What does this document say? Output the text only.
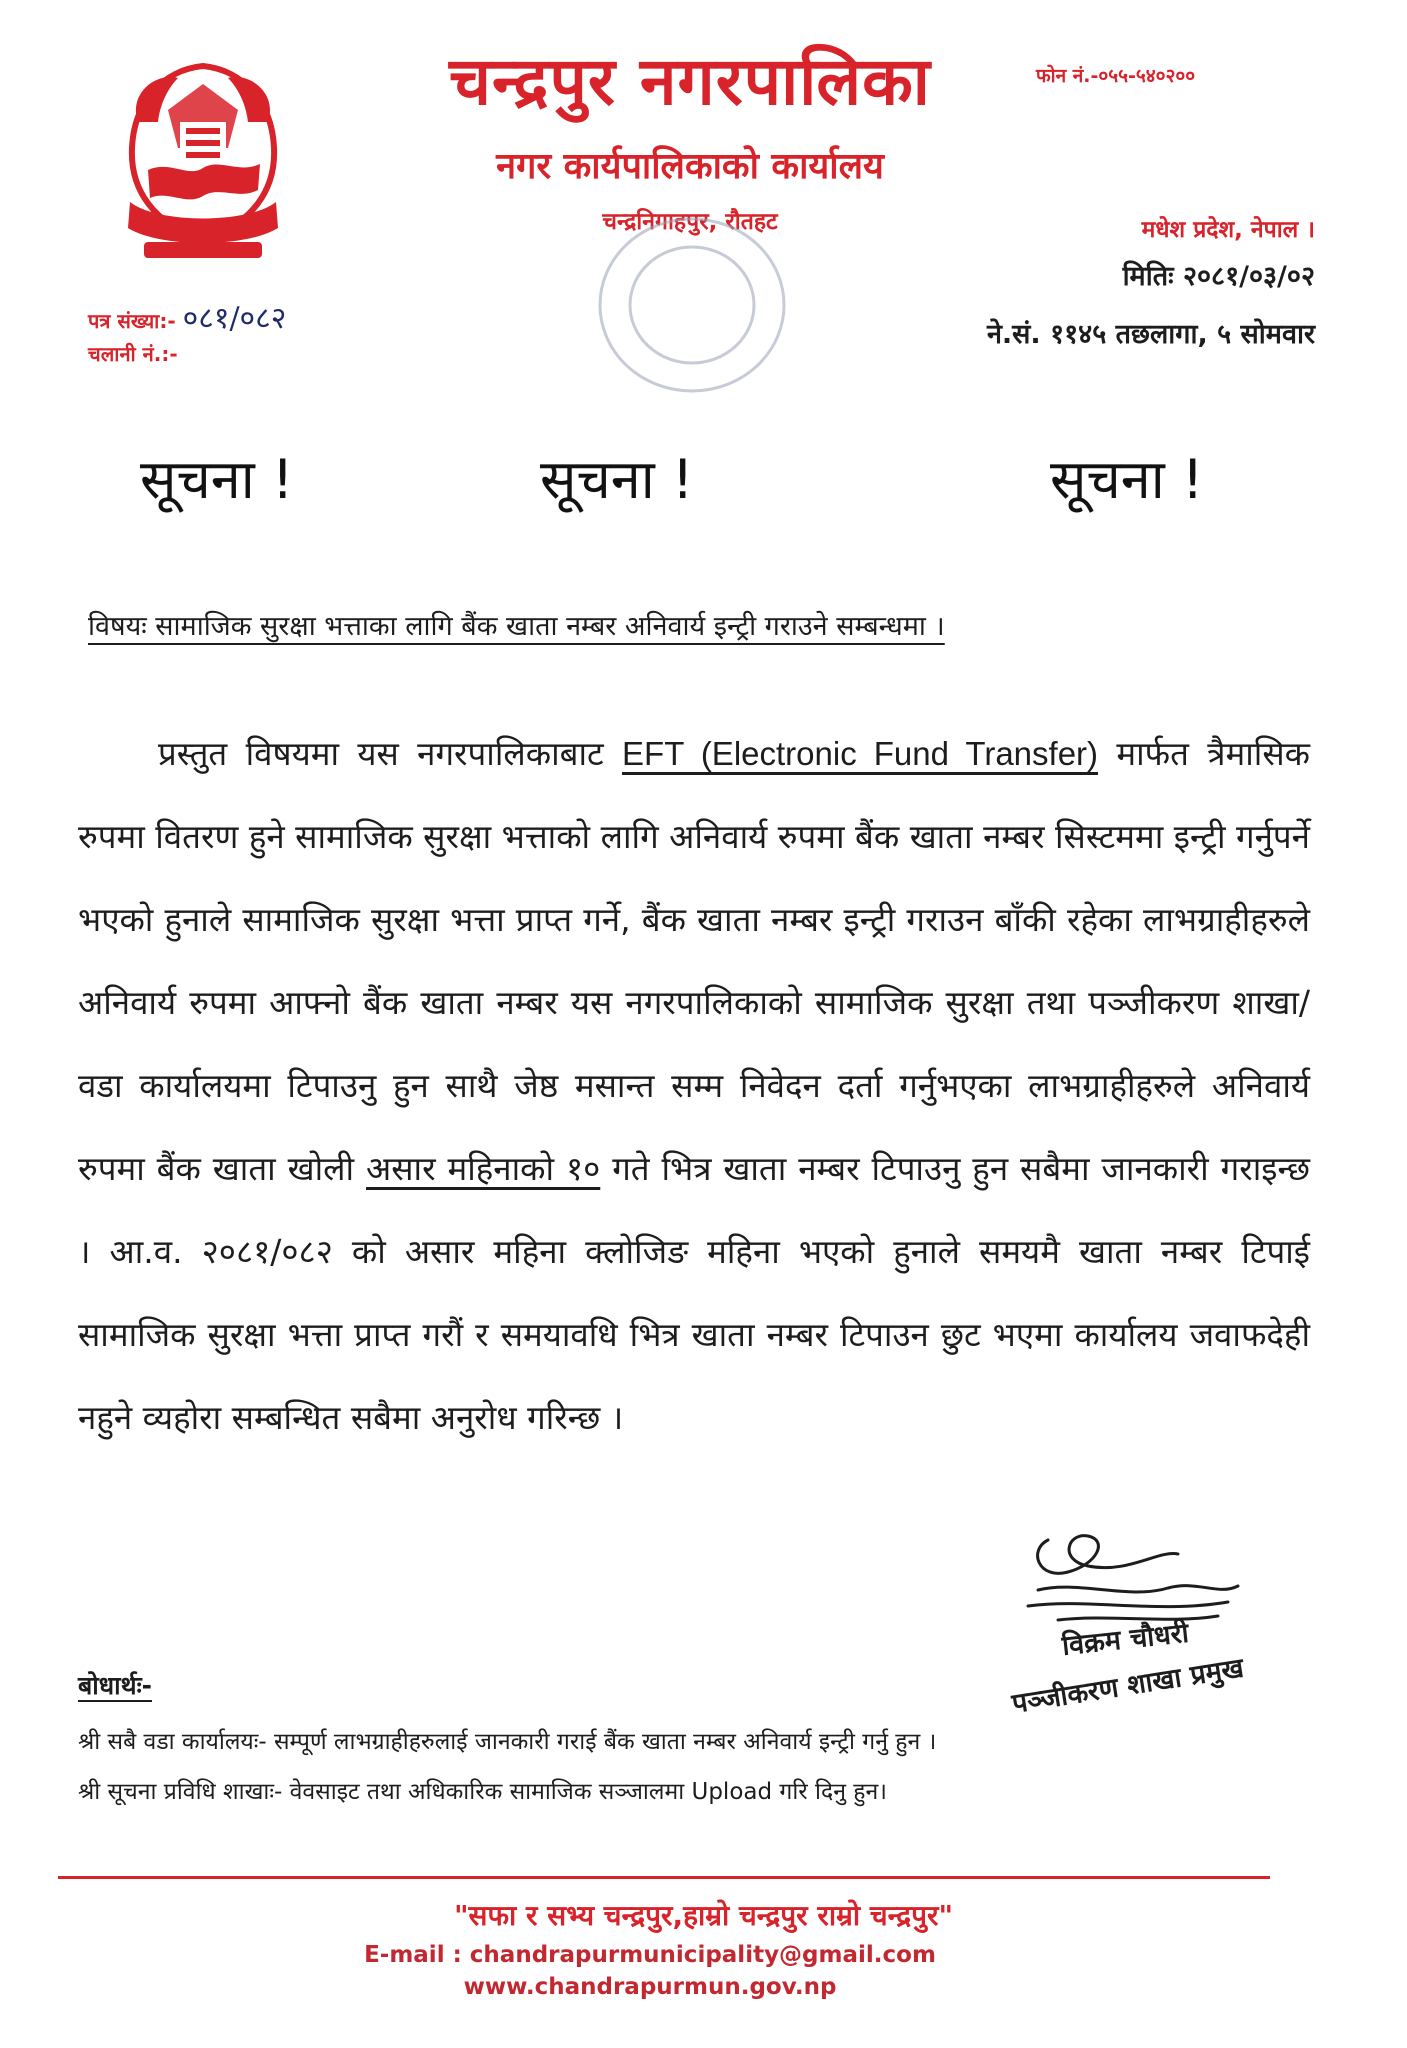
चन्द्रपुर नगरपालिका
नगर कार्यपालिकाको कार्यालय
चन्द्रनिगाहपुर, रौतहट
फोन नं.-०५५-५४०२००
मधेश प्रदेश, नेपाल ।
पत्र संख्या:- ०८१/०८२
चलानी नं.:-
मितिः २०८१/०३/०२
ने.सं. ११४५ तछलागा, ५ सोमवार
सूचना !	सूचना !	सूचना !
विषयः सामाजिक सुरक्षा भत्ताका लागि बैंक खाता नम्बर अनिवार्य इन्ट्री गराउने सम्बन्धमा ।
प्रस्तुत विषयमा यस नगरपालिकाबाट EFT (Electronic Fund Transfer) मार्फत त्रैमासिक रुपमा वितरण हुने सामाजिक सुरक्षा भत्ताको लागि अनिवार्य रुपमा बैंक खाता नम्बर सिस्टममा इन्ट्री गर्नुपर्ने भएको हुनाले सामाजिक सुरक्षा भत्ता प्राप्त गर्ने, बैंक खाता नम्बर इन्ट्री गराउन बाँकी रहेका लाभग्राहीहरुले अनिवार्य रुपमा आफ्नो बैंक खाता नम्बर यस नगरपालिकाको सामाजिक सुरक्षा तथा पञ्जीकरण शाखा/वडा कार्यालयमा टिपाउनु हुन साथै जेष्ठ मसान्त सम्म निवेदन दर्ता गर्नुभएका लाभग्राहीहरुले अनिवार्य रुपमा बैंक खाता खोली असार महिनाको १० गते भित्र खाता नम्बर टिपाउनु हुन सबैमा जानकारी गराइन्छ । आ.व. २०८१/०८२ को असार महिना क्लोजिङ महिना भएको हुनाले समयमै खाता नम्बर टिपाई सामाजिक सुरक्षा भत्ता प्राप्त गरौं र समयावधि भित्र खाता नम्बर टिपाउन छुट भएमा कार्यालय जवाफदेही नहुने व्यहोरा सम्बन्धित सबैमा अनुरोध गरिन्छ ।
विक्रम चौधरी
पञ्जीकरण शाखा प्रमुख
बोधार्थः-
श्री सबै वडा कार्यालयः- सम्पूर्ण लाभग्राहीहरुलाई जानकारी गराई बैंक खाता नम्बर अनिवार्य इन्ट्री गर्नु हुन ।
श्री सूचना प्रविधि शाखाः- वेवसाइट तथा अधिकारिक सामाजिक सञ्जालमा Upload गरि दिनु हुन।
"सफा र सभ्य चन्द्रपुर,हाम्रो चन्द्रपुर राम्रो चन्द्रपुर"
E-mail : chandrapurmunicipality@gmail.com
www.chandrapurmun.gov.np
